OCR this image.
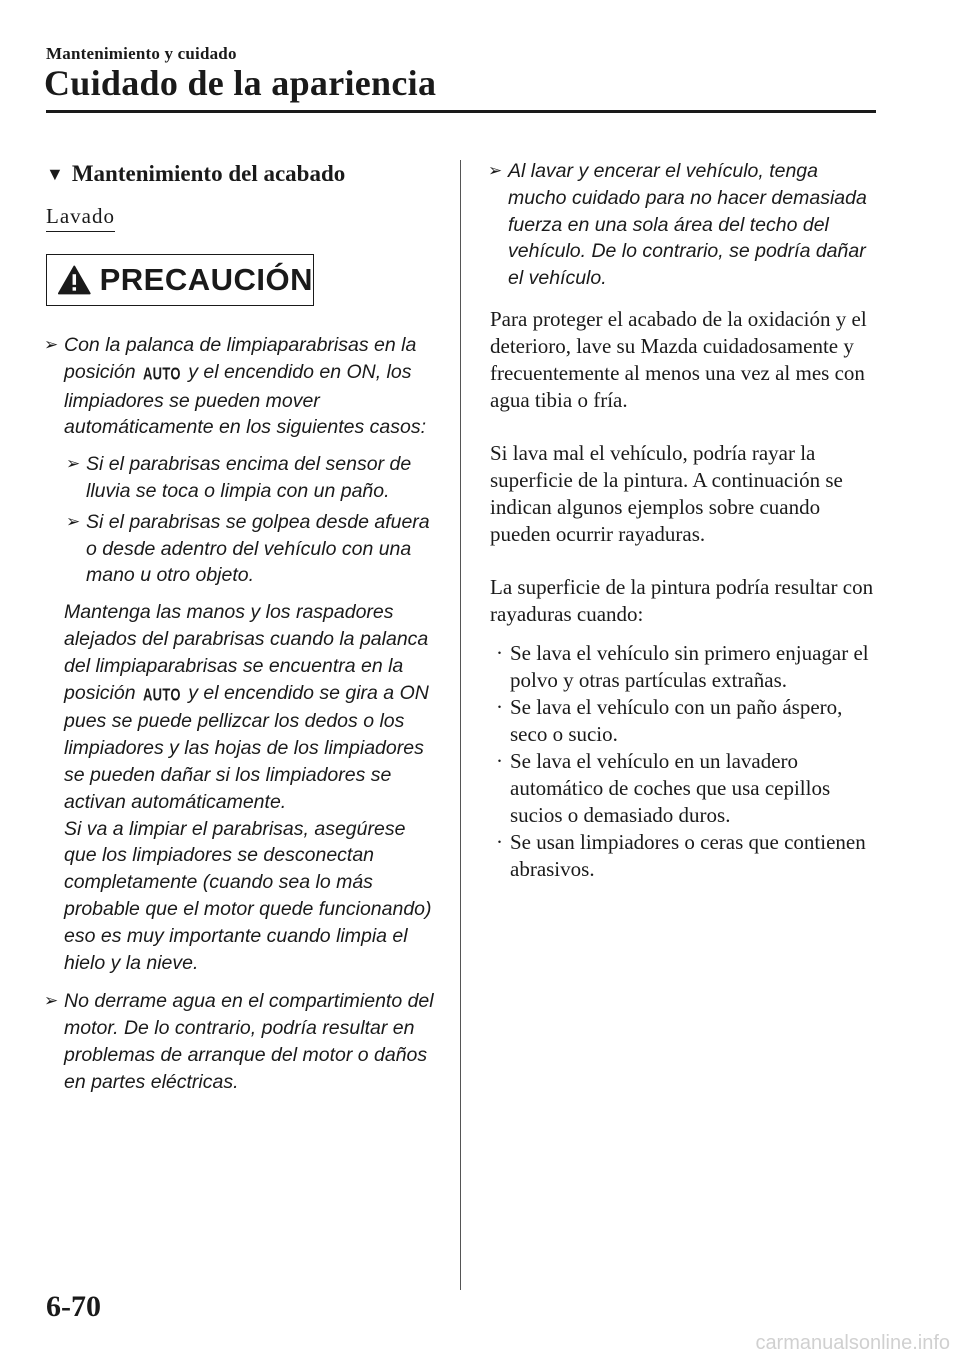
Mantenimiento y cuidado
Cuidado de la apariencia
▼ Mantenimiento del acabado
Lavado
PRECAUCIÓN
➢ Con la palanca de limpiaparabrisas en la posición AUTO y el encendido en ON, los limpiadores se pueden mover automáticamente en los siguientes casos:
➢ Si el parabrisas encima del sensor de lluvia se toca o limpia con un paño.
➢ Si el parabrisas se golpea desde afuera o desde adentro del vehículo con una mano u otro objeto.
Mantenga las manos y los raspadores alejados del parabrisas cuando la palanca del limpiaparabrisas se encuentra en la posición AUTO y el encendido se gira a ON pues se puede pellizcar los dedos o los limpiadores y las hojas de los limpiadores se pueden dañar si los limpiadores se activan automáticamente.
Si va a limpiar el parabrisas, asegúrese que los limpiadores se desconectan completamente (cuando sea lo más probable que el motor quede funcionando) eso es muy importante cuando limpia el hielo y la nieve.
➢ No derrame agua en el compartimiento del motor. De lo contrario, podría resultar en problemas de arranque del motor o daños en partes eléctricas.
➢ Al lavar y encerar el vehículo, tenga mucho cuidado para no hacer demasiada fuerza en una sola área del techo del vehículo. De lo contrario, se podría dañar el vehículo.

Para proteger el acabado de la oxidación y el deterioro, lave su Mazda cuidadosamente y frecuentemente al menos una vez al mes con agua tibia o fría.

Si lava mal el vehículo, podría rayar la superficie de la pintura. A continuación se indican algunos ejemplos sobre cuando pueden ocurrir rayaduras.

La superficie de la pintura podría resultar con rayaduras cuando:

· Se lava el vehículo sin primero enjuagar el polvo y otras partículas extrañas.
· Se lava el vehículo con un paño áspero, seco o sucio.
· Se lava el vehículo en un lavadero automático de coches que usa cepillos sucios o demasiado duros.
· Se usan limpiadores o ceras que contienen abrasivos.
6-70
carmanualsonline.info
